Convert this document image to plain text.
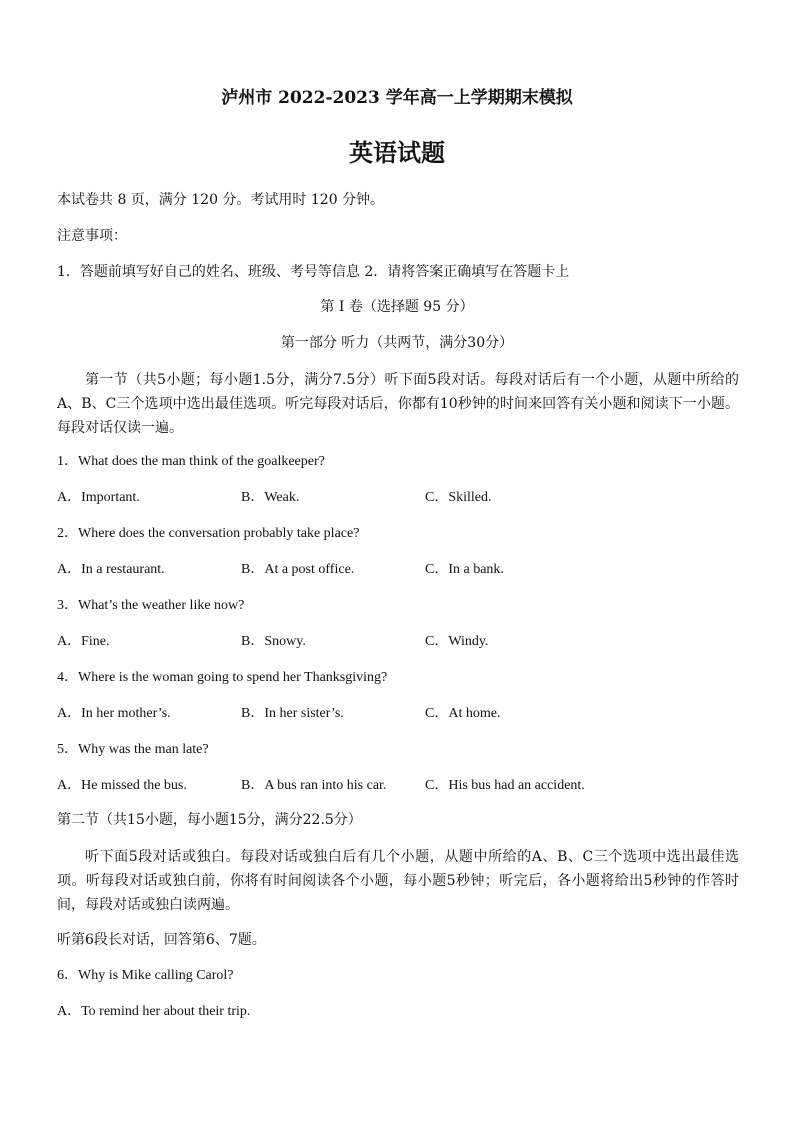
泸州市 2022-2023 学年高一上学期期末模拟
英语试题
本试卷共 8 页，满分 120 分。考试用时 120 分钟。
注意事项：
1．答题前填写好自己的姓名、班级、考号等信息 2．请将答案正确填写在答题卡上
第 I 卷（选择题 95 分）
第一部分 听力（共两节，满分30分）
第一节（共5小题；每小题1.5分，满分7.5分）听下面5段对话。每段对话后有一个小题，从题中所给的A、B、C三个选项中选出最佳选项。听完每段对话后，你都有10秒钟的时间来回答有关小题和阅读下一小题。每段对话仅读一遍。
1．What does the man think of the goalkeeper?
A．Important.	B．Weak.	C．Skilled.
2．Where does the conversation probably take place?
A．In a restaurant.	B．At a post office.	C．In a bank.
3．What’s the weather like now?
A．Fine.	B．Snowy.	C．Windy.
4．Where is the woman going to spend her Thanksgiving?
A．In her mother’s.	B．In her sister’s.	C．At home.
5．Why was the man late?
A．He missed the bus.	B．A bus ran into his car.	C．His bus had an accident.
第二节（共15小题，每小题15分，满分22.5分）
听下面5段对话或独白。每段对话或独白后有几个小题，从题中所给的A、B、C三个选项中选出最佳选项。听每段对话或独白前，你将有时间阅读各个小题，每小题5秒钟；听完后，各小题将给出5秒钟的作答时间，每段对话或独白读两遍。
听第6段长对话，回答第6、7题。
6．Why is Mike calling Carol?
A．To remind her about their trip.
